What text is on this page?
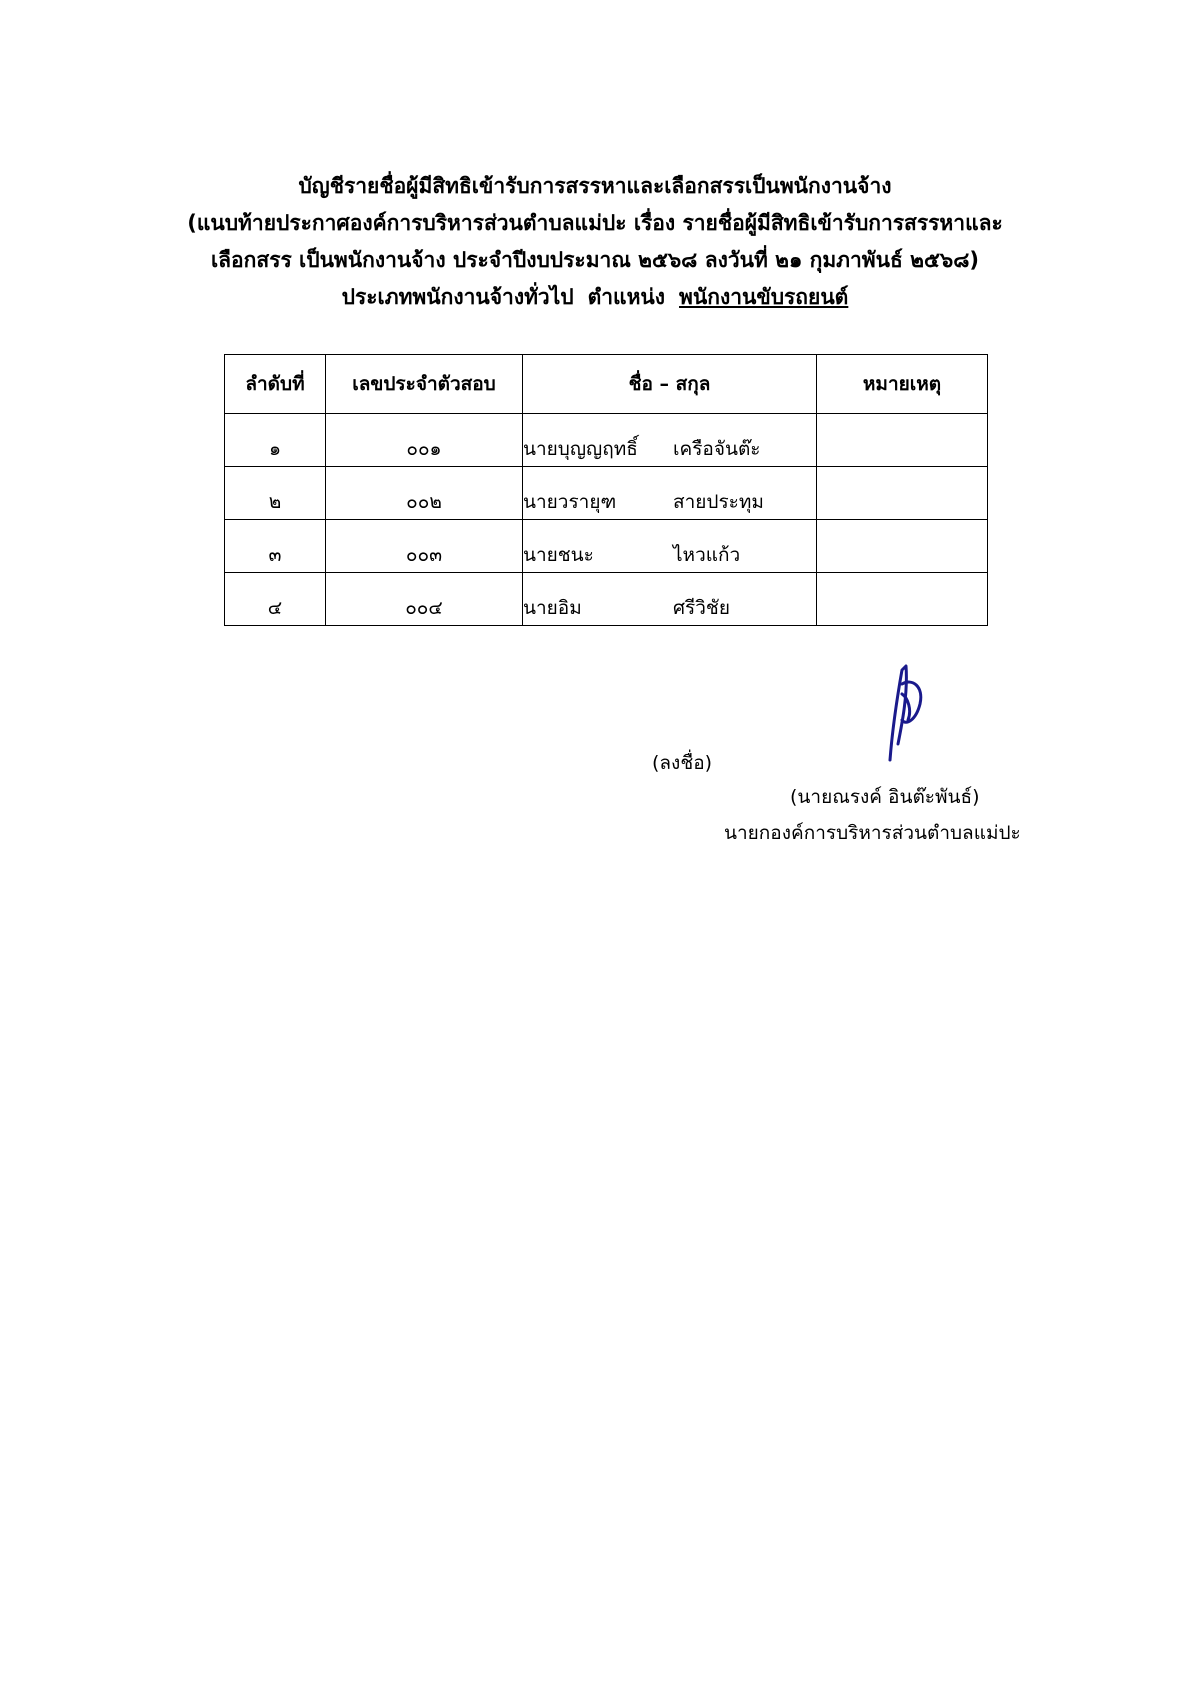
บัญชีรายชื่อผู้มีสิทธิเข้ารับการสรรหาและเลือกสรรเป็นพนักงานจ้าง
(แนบท้ายประกาศองค์การบริหารส่วนตำบลแม่ปะ เรื่อง รายชื่อผู้มีสิทธิเข้ารับการสรรหาและ
เลือกสรร เป็นพนักงานจ้าง ประจำปีงบประมาณ ๒๕๖๘ ลงวันที่ ๒๑ กุมภาพันธ์ ๒๕๖๘)
ประเภทพนักงานจ้างทั่วไป ตำแหน่ง พนักงานขับรถยนต์
ลำดับที่	เลขประจำตัวสอบ	ชื่อ – สกุล	หมายเหตุ
๑	๐๐๑	นายบุญญฤทธิ์ เครือจันต๊ะ	
๒	๐๐๒	นายวรายุฑ สายประทุม	
๓	๐๐๓	นายชนะ ไหวแก้ว	
๔	๐๐๔	นายอิม ศรีวิชัย	
(ลงชื่อ)
(นายณรงค์ อินต๊ะพันธ์)
นายกองค์การบริหารส่วนตำบลแม่ปะ
